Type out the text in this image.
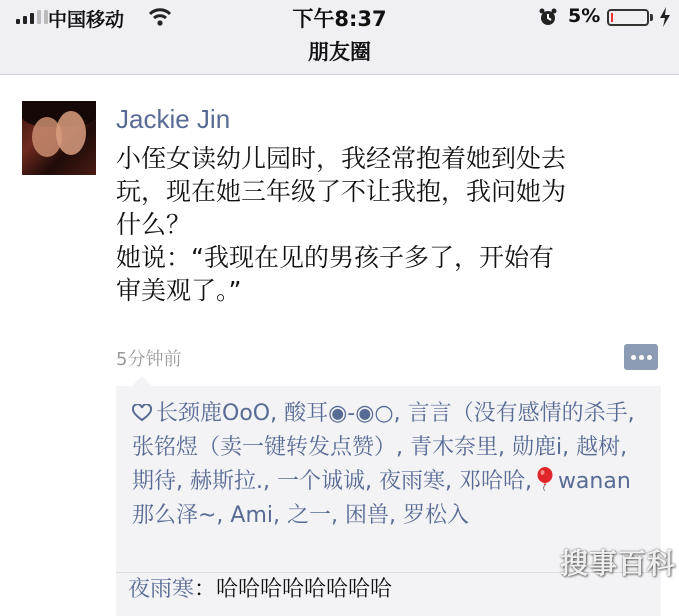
中国移动	下午8:37	5%
朋友圈
Jackie Jin

小侄女读幼儿园时，我经常抱着她到处去
玩，现在她三年级了不让我抱，我问她为
什么？
她说：“我现在见的男孩子多了，开始有
审美观了。”

5分钟前

长颈鹿OoO, 酸耳◉-◉○, 言言（没有感情的杀手, 张铭煜（卖一键转发点赞）, 青木奈里, 勋鹿i, 越树, 期待, 赫斯拉., 一个诚诚, 夜雨寒, 邓哈哈, wanan那么泽~, Ami, 之一, 困兽, 罗松入

夜雨寒：哈哈哈哈哈哈哈哈
搜事百科
